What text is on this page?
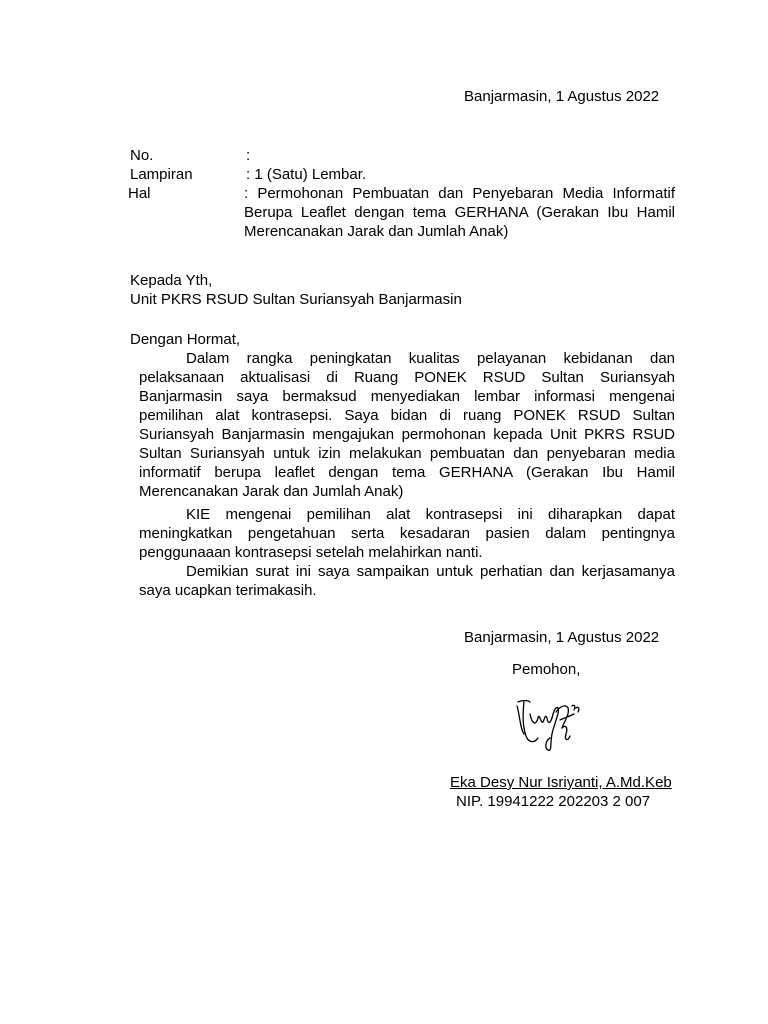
Banjarmasin, 1 Agustus 2022
No.	:
Lampiran	: 1 (Satu) Lembar.
Hal	: Permohonan Pembuatan dan Penyebaran Media Informatif
Berupa Leaflet dengan tema GERHANA (Gerakan Ibu Hamil
Merencanakan Jarak dan Jumlah Anak)
Kepada Yth,
Unit PKRS RSUD Sultan Suriansyah Banjarmasin
Dengan Hormat,
Dalam rangka peningkatan kualitas pelayanan kebidanan dan
pelaksanaan aktualisasi di Ruang PONEK RSUD Sultan Suriansyah
Banjarmasin saya bermaksud menyediakan lembar informasi mengenai
pemilihan alat kontrasepsi. Saya bidan di ruang PONEK RSUD Sultan
Suriansyah Banjarmasin mengajukan permohonan kepada Unit PKRS RSUD
Sultan Suriansyah untuk izin melakukan pembuatan dan penyebaran media
informatif berupa leaflet dengan tema GERHANA (Gerakan Ibu Hamil
Merencanakan Jarak dan Jumlah Anak)
KIE mengenai pemilihan alat kontrasepsi ini diharapkan dapat
meningkatkan pengetahuan serta kesadaran pasien dalam pentingnya
penggunaaan kontrasepsi setelah melahirkan nanti.
Demikian surat ini saya sampaikan untuk perhatian dan kerjasamanya
saya ucapkan terimakasih.
Banjarmasin, 1 Agustus 2022
Pemohon,
Eka Desy Nur Isriyanti, A.Md.Keb
NIP. 19941222 202203 2 007
